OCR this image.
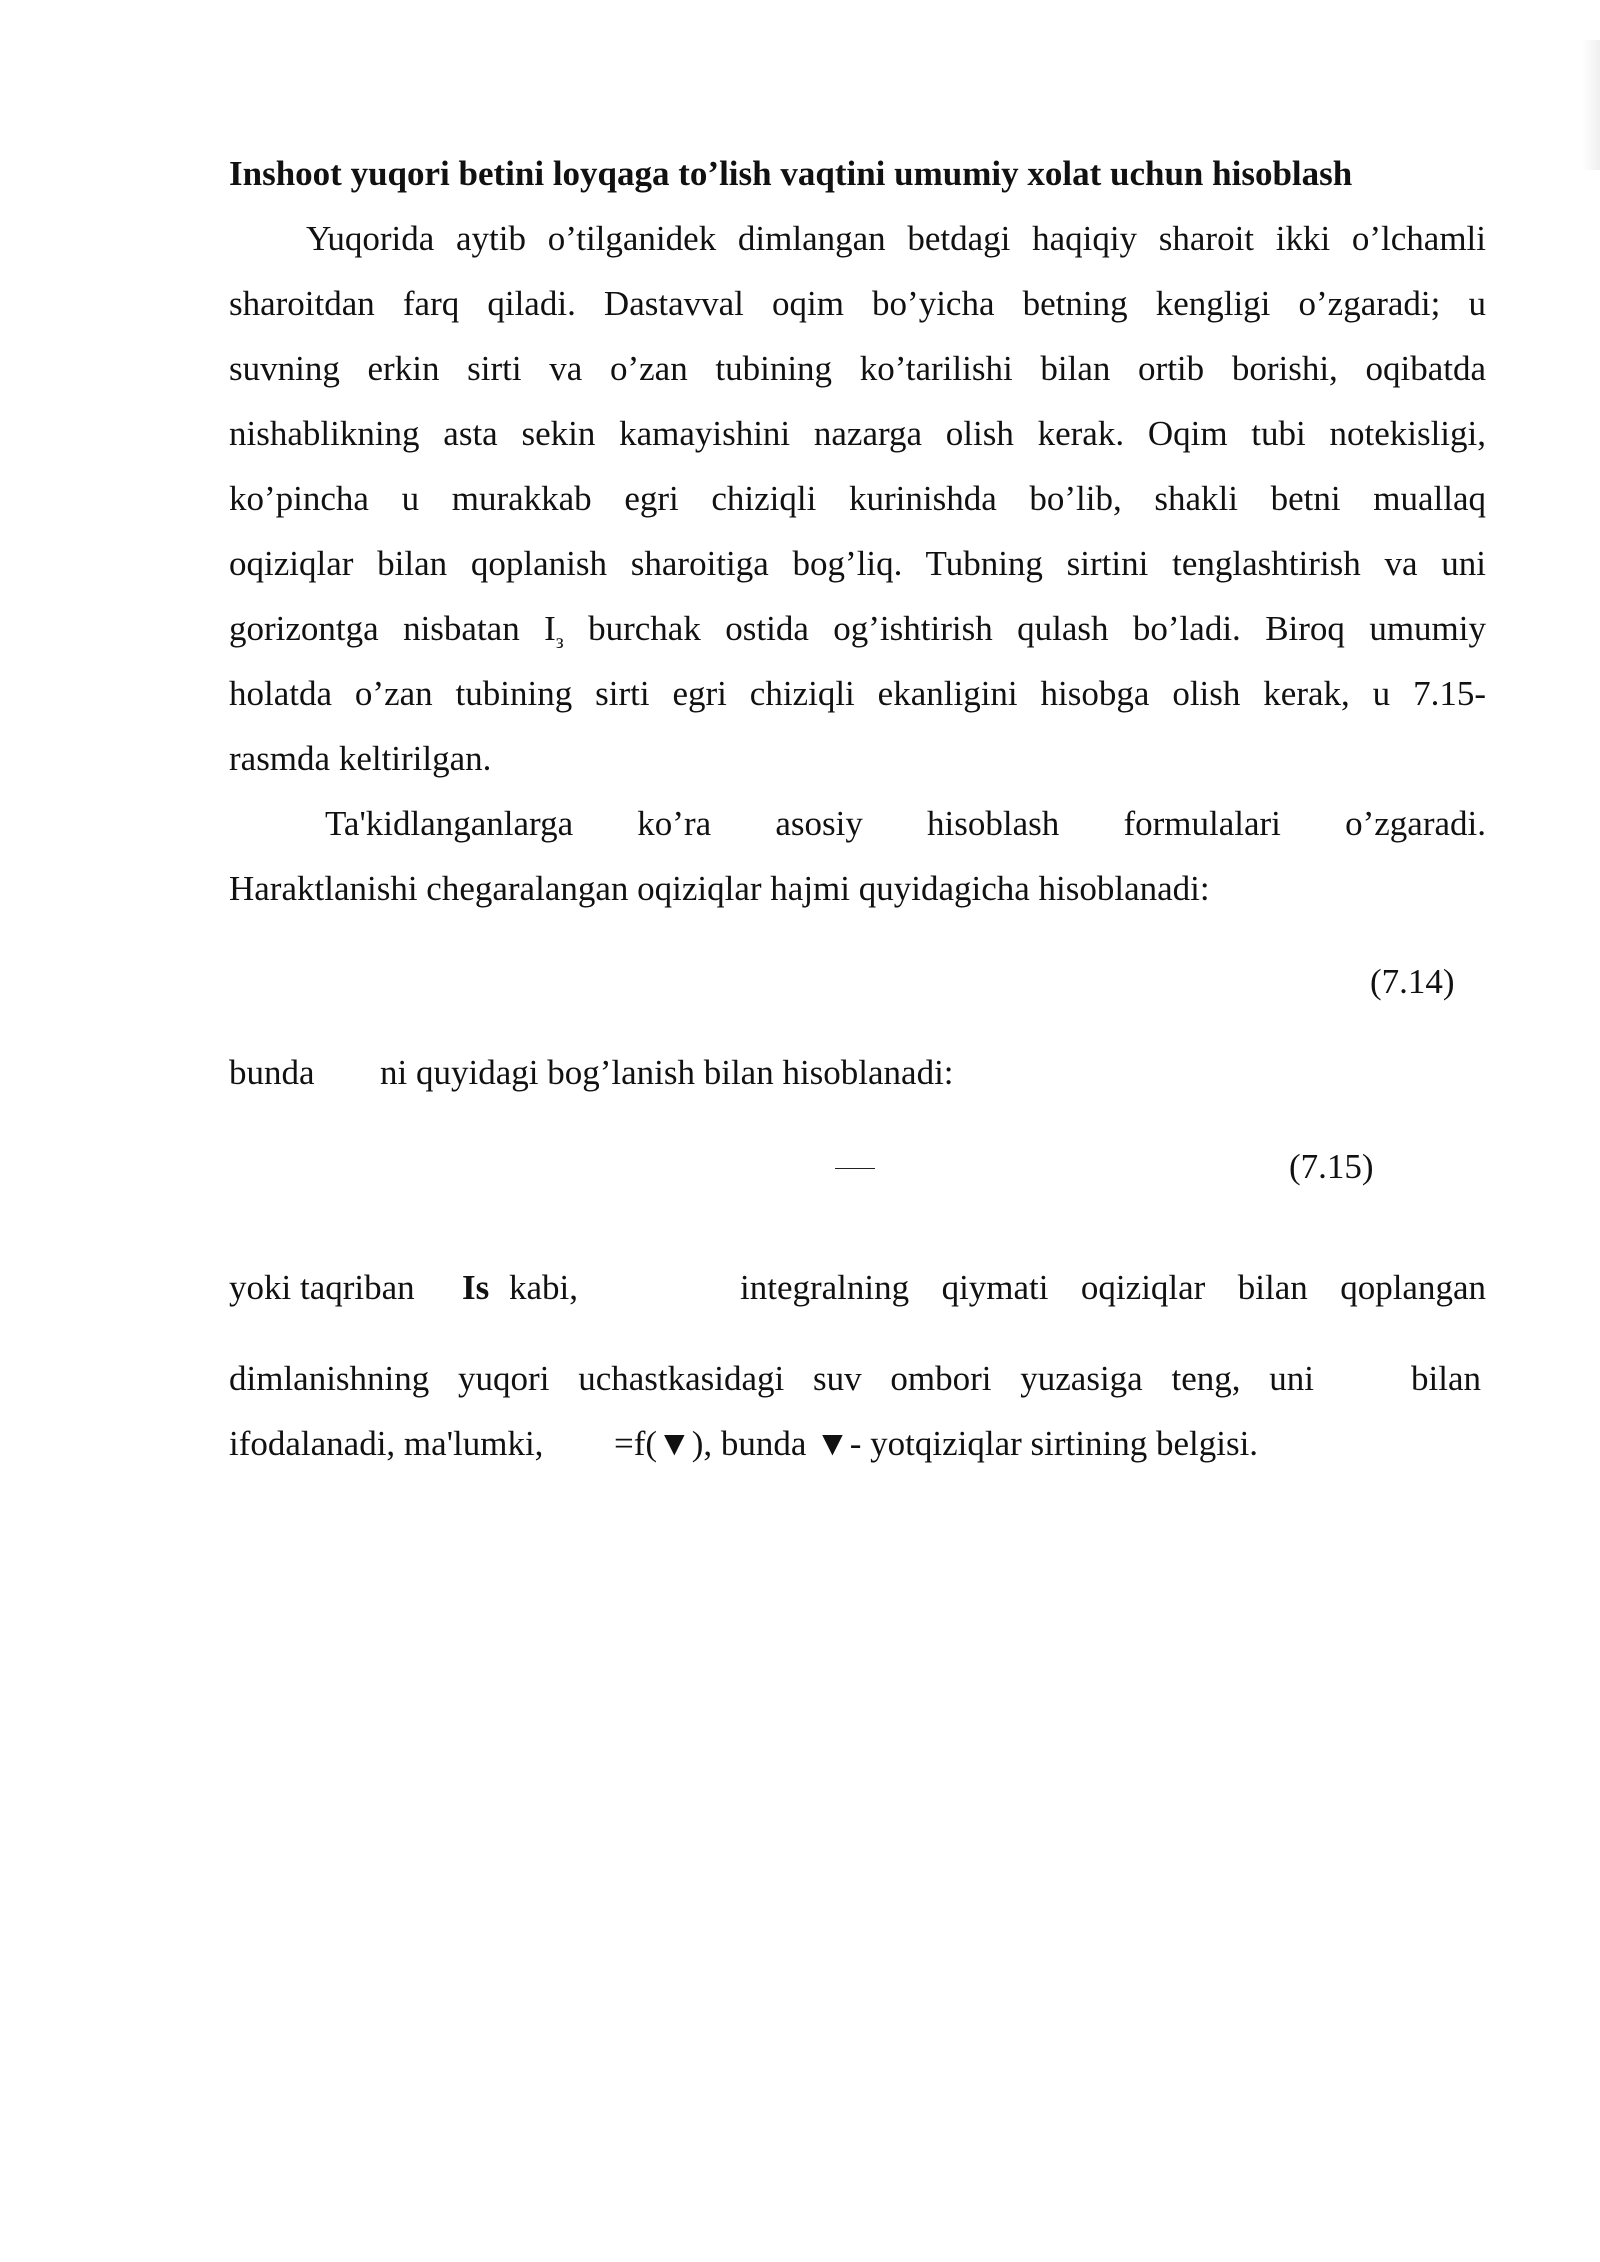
Inshoot yuqori betini loyqaga to’lish vaqtini umumiy xolat uchun hisoblash
Yuqorida aytib o’tilganidek dimlangan betdagi haqiqiy sharoit ikki o’lchamli
sharoitdan farq qiladi. Dastavval oqim bo’yicha betning kengligi o’zgaradi; u
suvning erkin sirti va o’zan tubining ko’tarilishi bilan ortib borishi, oqibatda
nishablikning asta sekin kamayishini nazarga olish kerak. Oqim tubi notekisligi,
ko’pincha u murakkab egri chiziqli kurinishda bo’lib, shakli betni muallaq
oqiziqlar bilan qoplanish sharoitiga bog’liq. Tubning sirtini tenglashtirish va uni
gorizontga nisbatan $I_з$ burchak ostida og’ishtirish qulash bo’ladi. Biroq umumiy
holatda o’zan tubining sirti egri chiziqli ekanligini hisobga olish kerak, u 7.15-
rasmda keltirilgan.
Ta'kidlanganlarga ko’ra asosiy hisoblash formulalari o’zgaradi.
Haraktlanishi chegaralangan oqiziqlar hajmi quyidagicha hisoblanadi:
(7.14)
bunda ni quyidagi bog’lanish bilan hisoblanadi:
(7.15)
yoki taqriban Is kabi,	integralning qiymati oqiziqlar bilan qoplangan
dimlanishning yuqori uchastkasidagi suv ombori yuzasiga teng, uni	bilan
ifodalanadi, ma'lumki, =f(▼), bunda ▼- yotqiziqlar sirtining belgisi.
